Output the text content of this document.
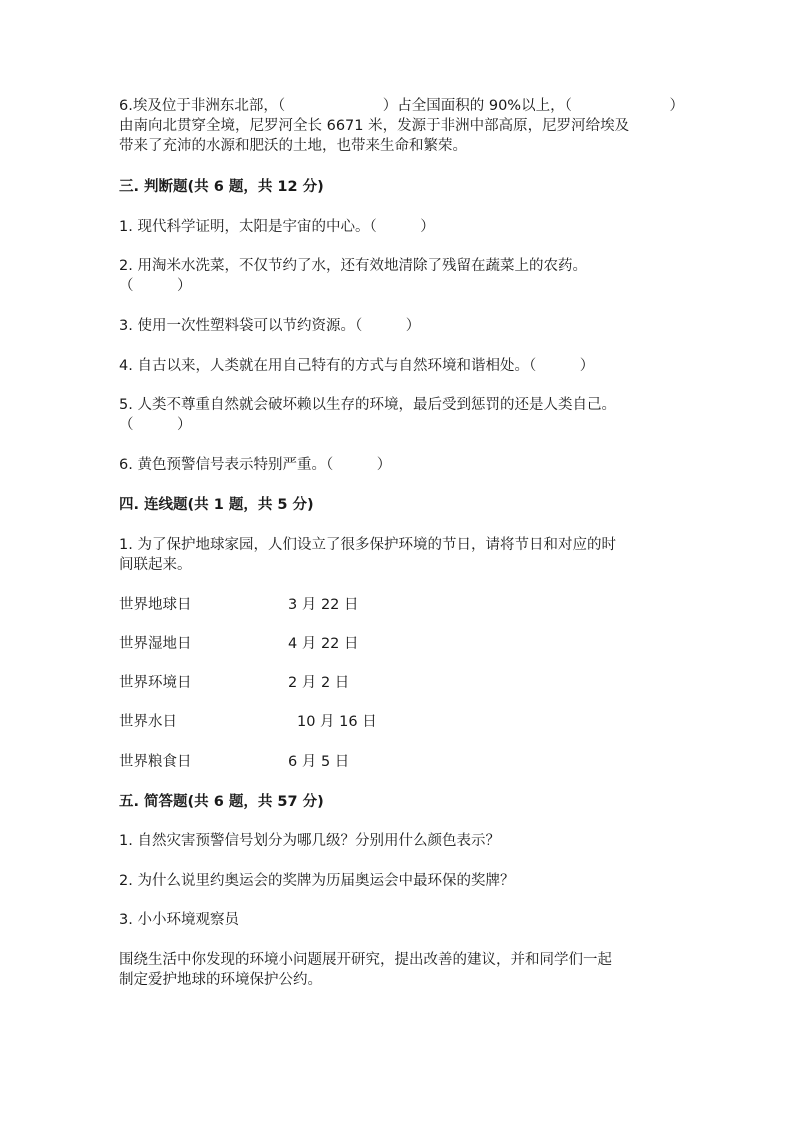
6.埃及位于非洲东北部，（	）占全国面积的 90%以上，（	）
由南向北贯穿全境，尼罗河全长 6671 米，发源于非洲中部高原，尼罗河给埃及
带来了充沛的水源和肥沃的土地，也带来生命和繁荣。
三. 判断题(共 6 题，共 12 分)
1. 现代科学证明，太阳是宇宙的中心。（　　　）
2. 用淘米水洗菜，不仅节约了水，还有效地清除了残留在蔬菜上的农药。
（　　　）
3. 使用一次性塑料袋可以节约资源。（　　　）
4. 自古以来，人类就在用自己特有的方式与自然环境和谐相处。（　　　）
5. 人类不尊重自然就会破坏赖以生存的环境，最后受到惩罚的还是人类自己。
（　　　）
6. 黄色预警信号表示特别严重。（　　　）
四. 连线题(共 1 题，共 5 分)
1. 为了保护地球家园，人们设立了很多保护环境的节日，请将节日和对应的时
间联起来。
世界地球日	3 月 22 日
世界湿地日	4 月 22 日
世界环境日	2 月 2 日
世界水日	10 月 16 日
世界粮食日	6 月 5 日
五. 简答题(共 6 题，共 57 分)
1. 自然灾害预警信号划分为哪几级？分别用什么颜色表示？
2. 为什么说里约奥运会的奖牌为历届奥运会中最环保的奖牌？
3. 小小环境观察员
围绕生活中你发现的环境小问题展开研究，提出改善的建议，并和同学们一起
制定爱护地球的环境保护公约。
